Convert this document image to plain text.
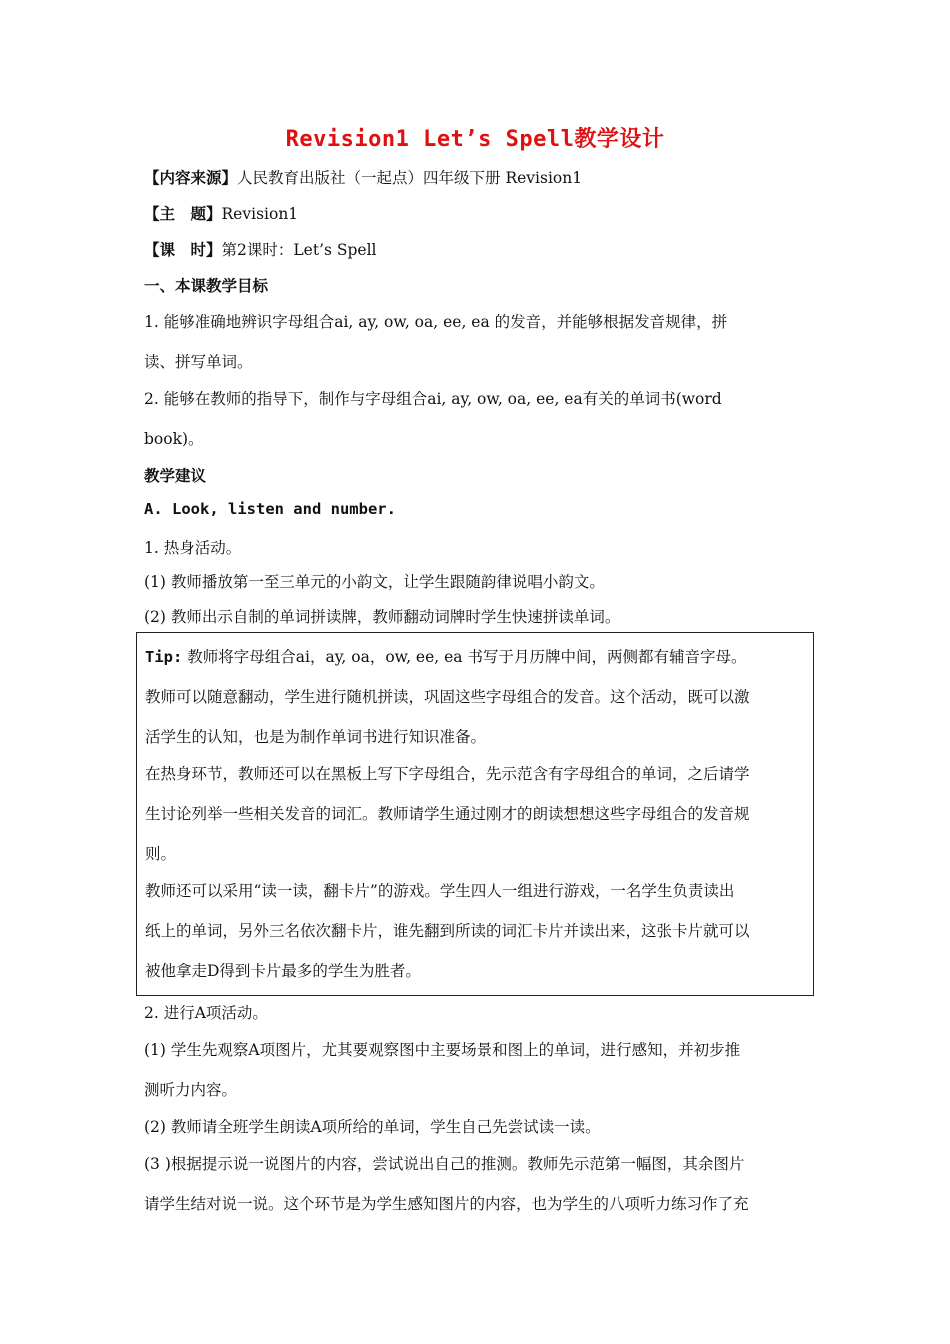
Revision1 Let’s Spell教学设计
【内容来源】人民教育出版社（一起点）四年级下册 Revision1
【主　题】Revision1
【课　时】第2课时：Let’s Spell
一、本课教学目标
1. 能够准确地辨识字母组合ai, ay, ow, oa, ee, ea 的发音，并能够根据发音规律，拼
读、拼写单词。
2. 能够在教师的指导下，制作与字母组合ai, ay, ow, oa, ee, ea有关的单词书(word
book)。
教学建议
A. Look, listen and number.
1. 热身活动。
(1) 教师播放第一至三单元的小韵文，让学生跟随韵律说唱小韵文。
(2) 教师出示自制的单词拼读牌，教师翻动词牌时学生快速拼读单词。
Tip: 教师将字母组合ai，ay, oa，ow, ee, ea 书写于月历牌中间，两侧都有辅音字母。
教师可以随意翻动，学生进行随机拼读，巩固这些字母组合的发音。这个活动，既可以激
活学生的认知，也是为制作单词书进行知识准备。
在热身环节，教师还可以在黑板上写下字母组合，先示范含有字母组合的单词，之后请学
生讨论列举一些相关发音的词汇。教师请学生通过刚才的朗读想想这些字母组合的发音规
则。
教师还可以采用“读一读，翻卡片”的游戏。学生四人一组进行游戏，一名学生负责读出
纸上的单词，另外三名依次翻卡片，谁先翻到所读的词汇卡片并读出来，这张卡片就可以
被他拿走D得到卡片最多的学生为胜者。
2. 进行A项活动。
(1) 学生先观察A项图片，尤其要观察图中主要场景和图上的单词，进行感知，并初步推
测听力内容。
(2) 教师请全班学生朗读A项所给的单词，学生自己先尝试读一读。
(3 )根据提示说一说图片的内容，尝试说出自己的推测。教师先示范第一幅图，其余图片
请学生结对说一说。这个环节是为学生感知图片的内容，也为学生的八项听力练习作了充
